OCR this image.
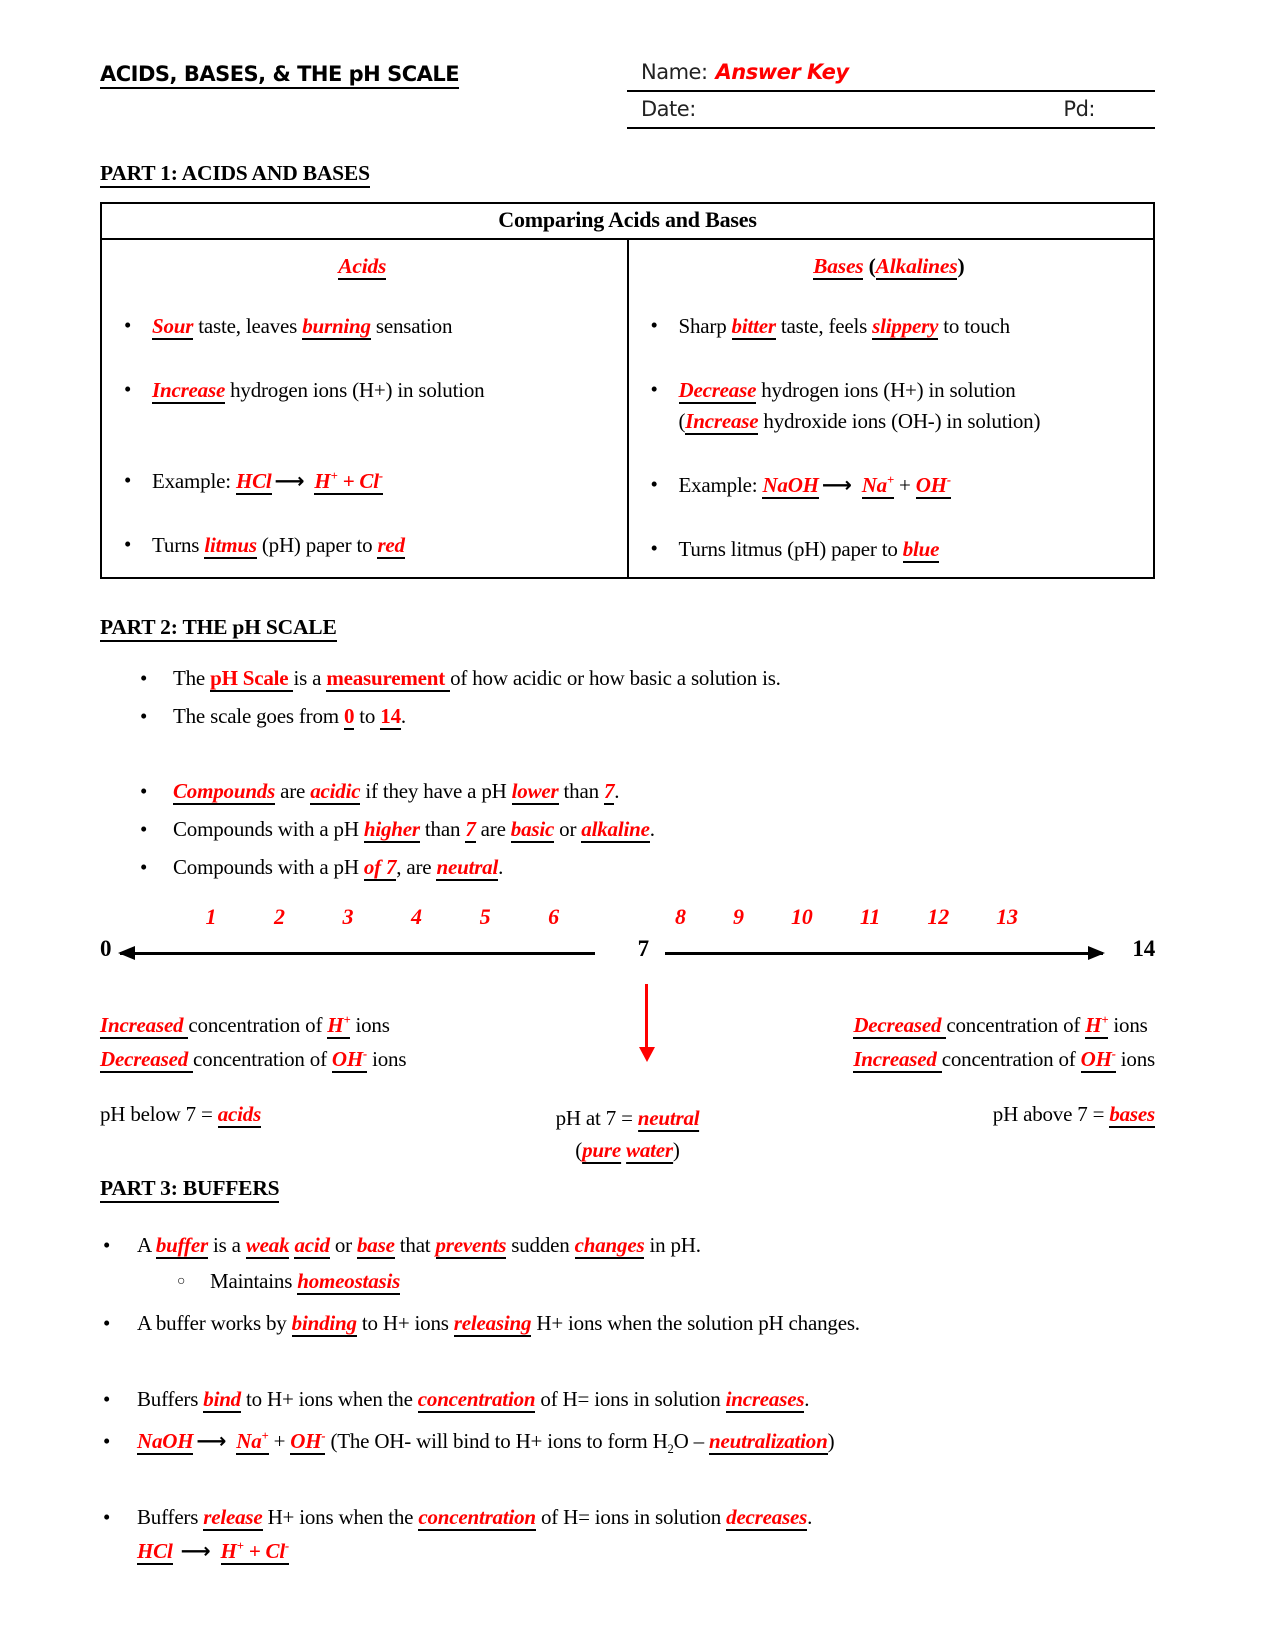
ACIDS, BASES, & THE pH SCALE	Name: Answer Key
Date:	Pd:
PART 1: ACIDS AND BASES
Comparing Acids and Bases

Acids
• Sour taste, leaves burning sensation
• Increase hydrogen ions (H+) in solution
• Example: HCl ⟶ H+ + Cl-
• Turns litmus (pH) paper to red

Bases (Alkalines)
• Sharp bitter taste, feels slippery to touch
• Decrease hydrogen ions (H+) in solution
(Increase hydroxide ions (OH-) in solution)
• Example: NaOH ⟶ Na+ + OH-
• Turns litmus (pH) paper to blue
PART 2: THE pH SCALE
• The pH Scale is a measurement of how acidic or how basic a solution is.
• The scale goes from 0 to 14.
• Compounds are acidic if they have a pH lower than 7.
• Compounds with a pH higher than 7 are basic or alkaline.
• Compounds with a pH of 7, are neutral.
1	2	3	4	5	6	8 9 10 11 12 13
0	7	14
Increased concentration of H+ ions
Decreased concentration of OH- ions
Decreased concentration of H+ ions
Increased concentration of OH- ions
pH below 7 = acids	pH at 7 = neutral
(pure water)
pH above 7 = bases
PART 3: BUFFERS
• A buffer is a weak acid or base that prevents sudden changes in pH.
○ Maintains homeostasis
• A buffer works by binding to H+ ions releasing H+ ions when the solution pH changes.
• Buffers bind to H+ ions when the concentration of H= ions in solution increases.
• NaOH ⟶ Na+ + OH- (The OH- will bind to H+ ions to form $H_2O$ – neutralization)
• Buffers release H+ ions when the concentration of H= ions in solution decreases.
HCl ⟶ H+ + Cl-
